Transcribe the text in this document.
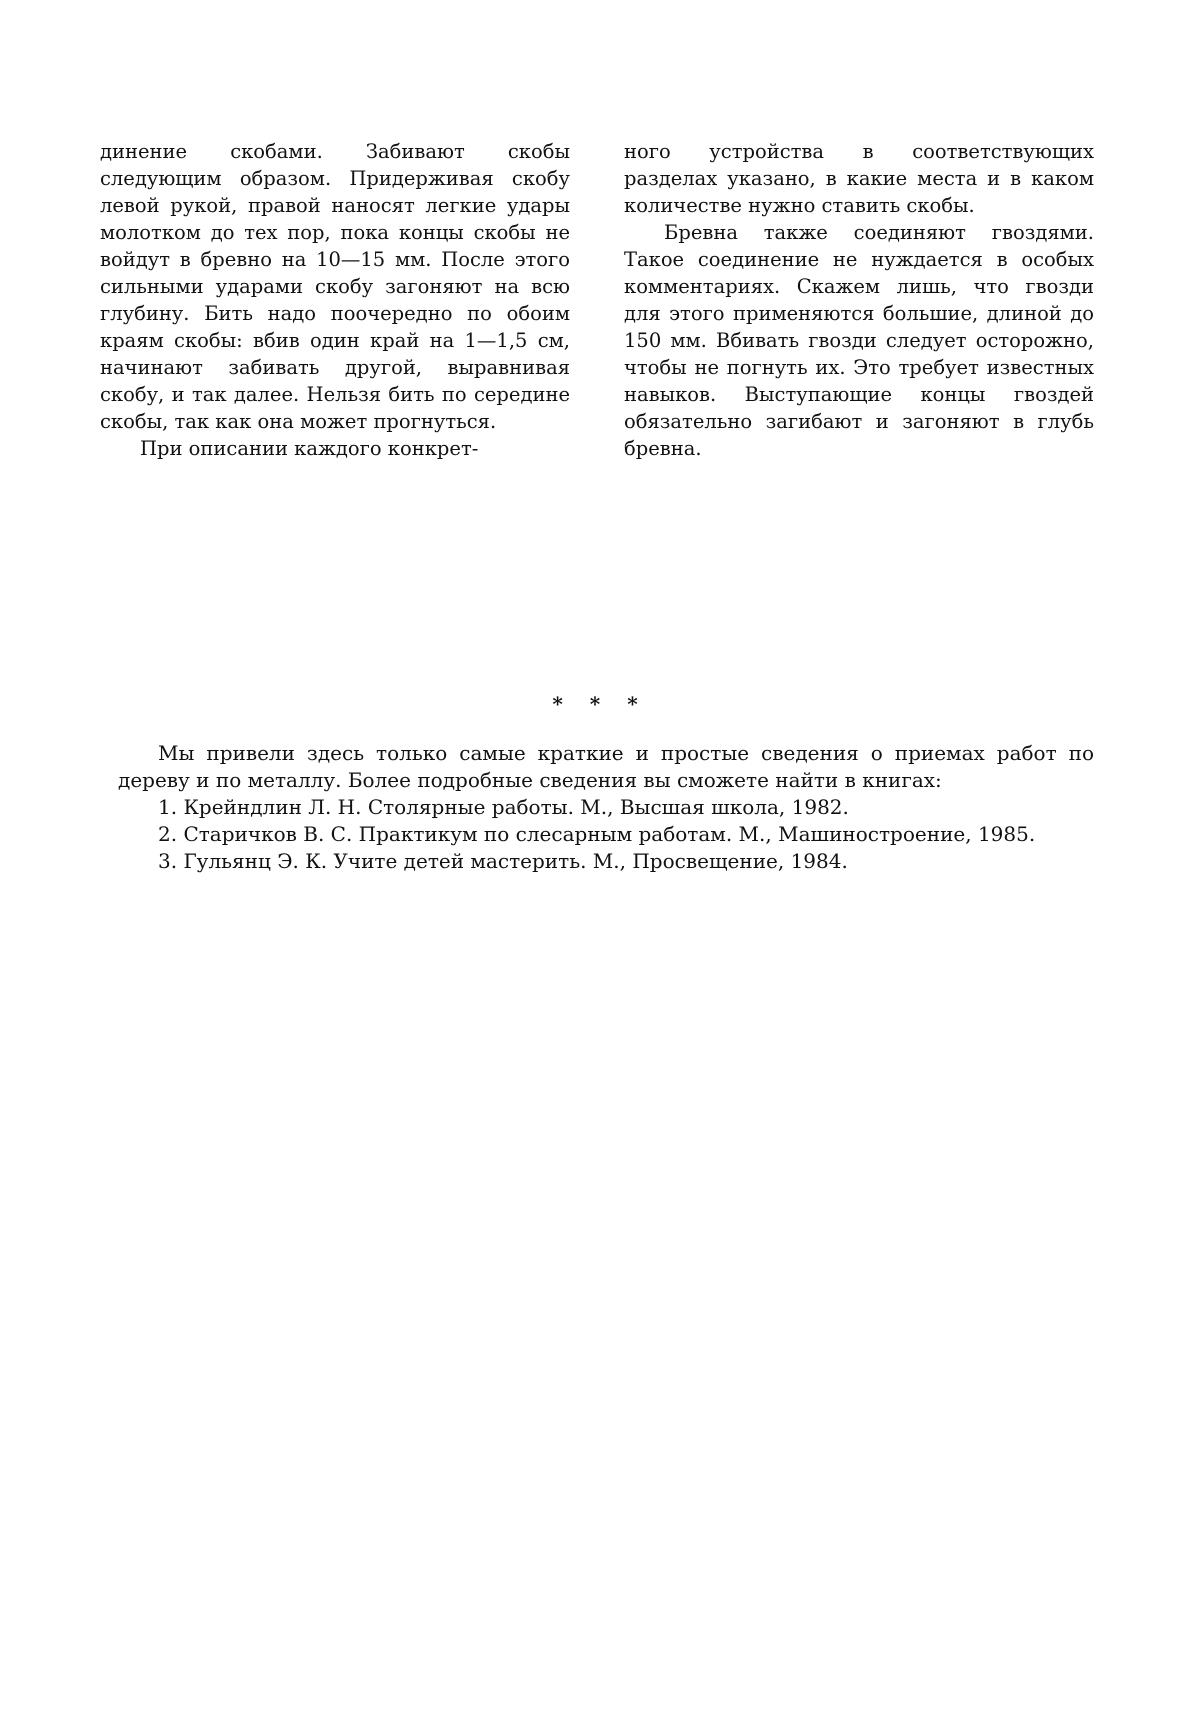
динение скобами. Забивают скобы следующим образом. Придерживая скобу левой рукой, правой наносят легкие удары молотком до тех пор, пока концы скобы не войдут в бревно на 10—15 мм. После этого сильными ударами скобу загоняют на всю глубину. Бить надо поочередно по обоим краям скобы: вбив один край на 1—1,5 см, начинают забивать другой, выравнивая скобу, и так далее. Нельзя бить по середине скобы, так как она может прогнуться.

При описании каждого конкрет-

ного устройства в соответствующих разделах указано, в какие места и в каком количестве нужно ставить скобы.

Бревна также соединяют гвоздями. Такое соединение не нуждается в особых комментариях. Скажем лишь, что гвозди для этого применяются большие, длиной до 150 мм. Вбивать гвозди следует осторожно, чтобы не погнуть их. Это требует известных навыков. Выступающие концы гвоздей обязательно загибают и загоняют в глубь бревна.

* * *

Мы привели здесь только самые краткие и простые сведения о приемах работ по дереву и по металлу. Более подробные сведения вы сможете найти в книгах:

1. Крейндлин Л. Н. Столярные работы. М., Высшая школа, 1982.
2. Старичков В. С. Практикум по слесарным работам. М., Машиностроение, 1985.
3. Гульянц Э. К. Учите детей мастерить. М., Просвещение, 1984.
